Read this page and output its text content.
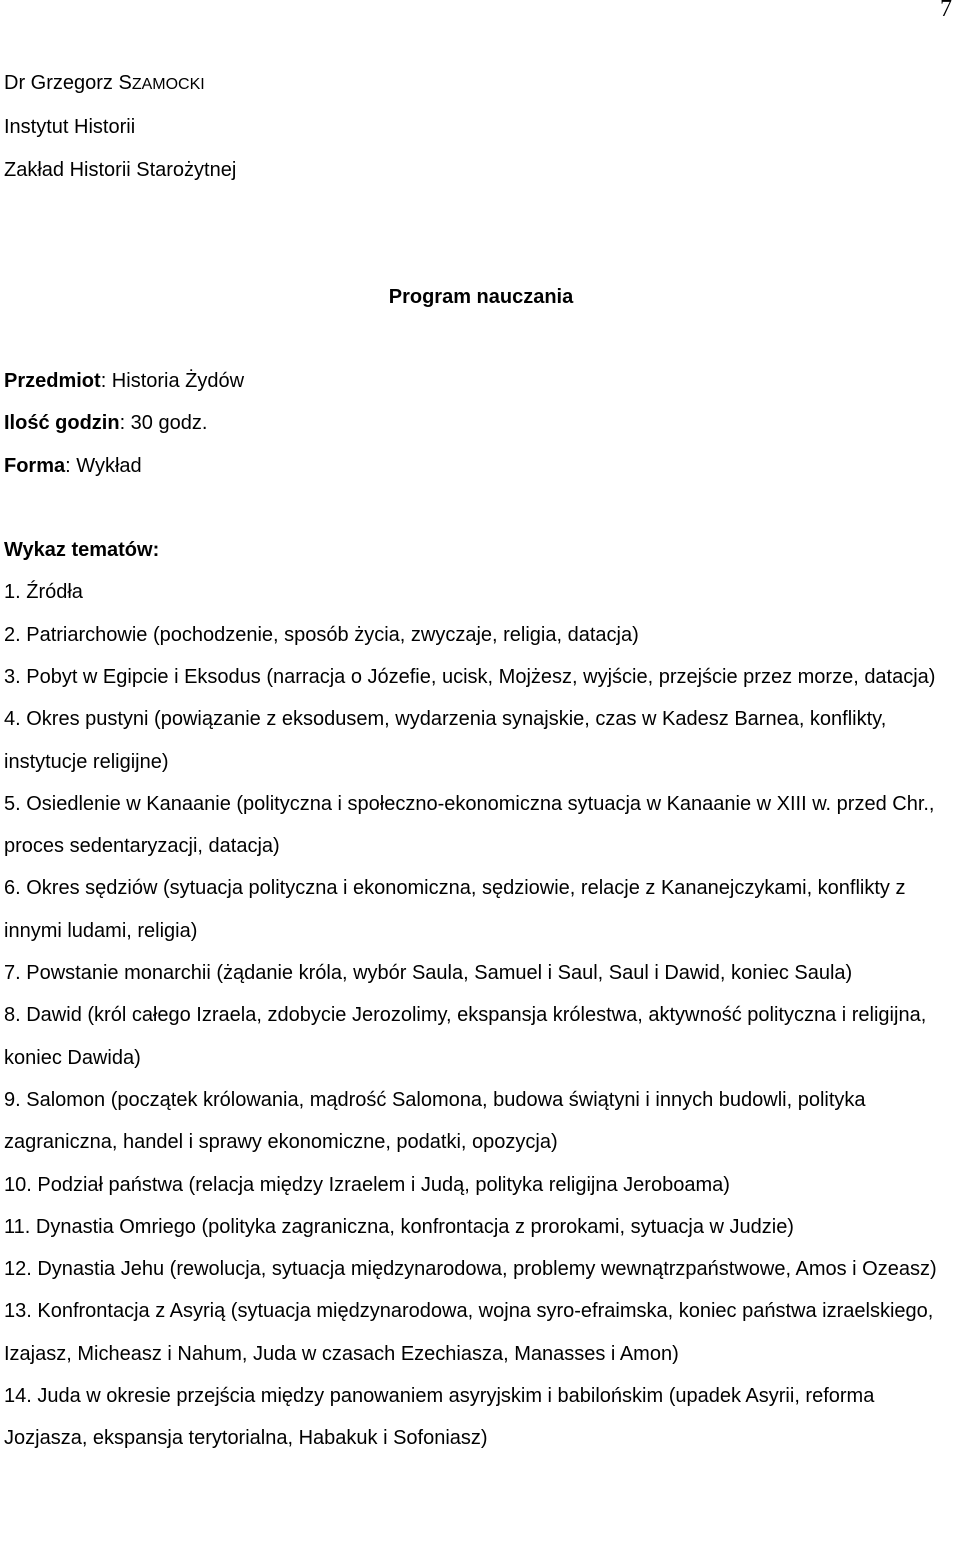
7
Dr Grzegorz SZAMOCKI
Instytut Historii
Zakład Historii Starożytnej
Program nauczania
Przedmiot: Historia Żydów
Ilość godzin: 30 godz.
Forma: Wykład
Wykaz tematów:
1. Źródła
2. Patriarchowie (pochodzenie, sposób życia, zwyczaje, religia, datacja)
3. Pobyt w Egipcie i Eksodus (narracja o Józefie, ucisk, Mojżesz, wyjście, przejście przez morze, datacja)
4. Okres pustyni (powiązanie z eksodusem, wydarzenia synajskie, czas w Kadesz Barnea, konflikty, instytucje religijne)
5. Osiedlenie w Kanaanie (polityczna i społeczno-ekonomiczna sytuacja w Kanaanie w XIII w. przed Chr., proces sedentaryzacji, datacja)
6. Okres sędziów (sytuacja polityczna i ekonomiczna, sędziowie, relacje z Kananejczykami, konflikty z innymi ludami, religia)
7. Powstanie monarchii (żądanie króla, wybór Saula, Samuel i Saul, Saul i Dawid, koniec Saula)
8. Dawid (król całego Izraela, zdobycie Jerozolimy, ekspansja królestwa, aktywność polityczna i religijna, koniec Dawida)
9. Salomon (początek królowania, mądrość Salomona, budowa świątyni i innych budowli, polityka zagraniczna, handel i sprawy ekonomiczne, podatki, opozycja)
10. Podział państwa (relacja między Izraelem i Judą, polityka religijna Jeroboama)
11. Dynastia Omriego (polityka zagraniczna, konfrontacja z prorokami, sytuacja w Judzie)
12. Dynastia Jehu (rewolucja, sytuacja międzynarodowa, problemy wewnątrzpaństwowe, Amos i Ozeasz)
13. Konfrontacja z Asyrią (sytuacja międzynarodowa, wojna syro-efraimska, koniec państwa izraelskiego, Izajasz, Micheasz i Nahum, Juda w czasach Ezechiasza, Manasses i Amon)
14. Juda w okresie przejścia między panowaniem asyryjskim i babilońskim (upadek Asyrii, reforma Jozjasza, ekspansja terytorialna, Habakuk i Sofoniasz)
